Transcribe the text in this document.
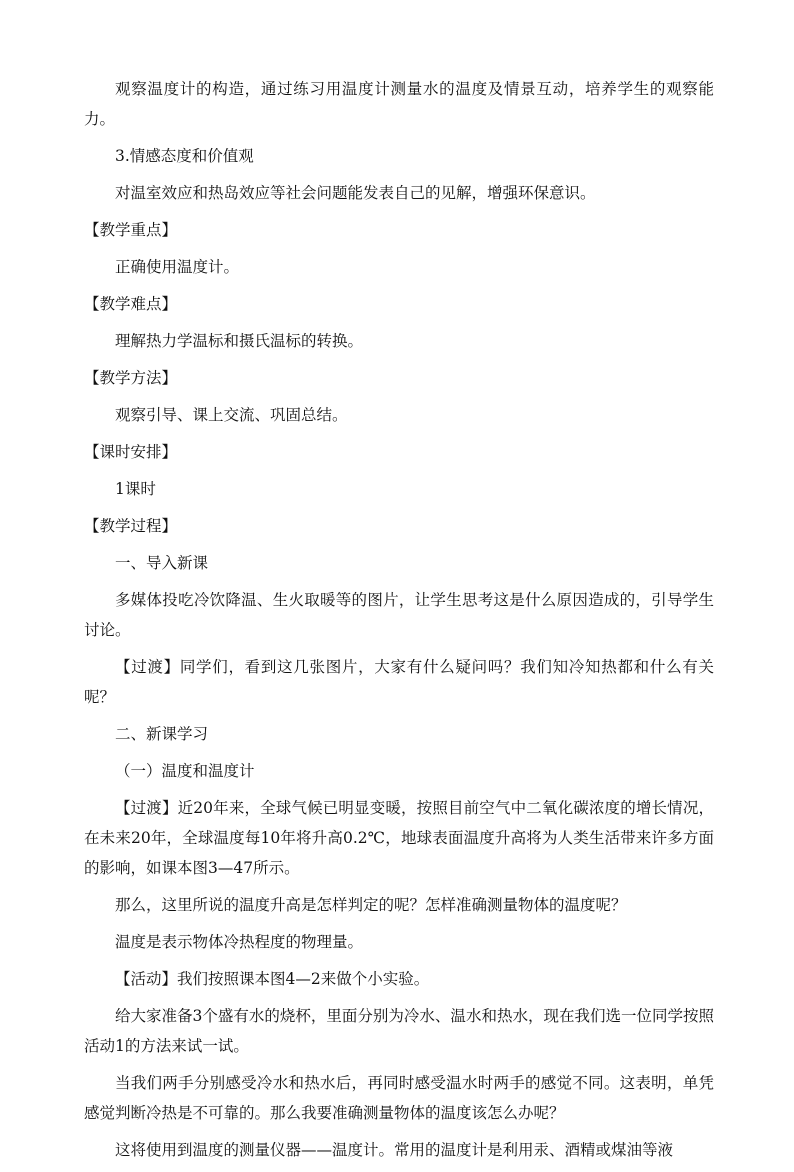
观察温度计的构造，通过练习用温度计测量水的温度及情景互动，培养学生的观察能力。

3.情感态度和价值观

对温室效应和热岛效应等社会问题能发表自己的见解，增强环保意识。

【教学重点】

正确使用温度计。

【教学难点】

理解热力学温标和摄氏温标的转换。

【教学方法】

观察引导、课上交流、巩固总结。

【课时安排】

1课时

【教学过程】

一、导入新课

多媒体投吃冷饮降温、生火取暖等的图片，让学生思考这是什么原因造成的，引导学生讨论。

【过渡】同学们，看到这几张图片，大家有什么疑问吗？我们知冷知热都和什么有关呢？

二、新课学习

（一）温度和温度计

【过渡】近20年来，全球气候已明显变暖，按照目前空气中二氧化碳浓度的增长情况，在未来20年，全球温度每10年将升高0.2℃，地球表面温度升高将为人类生活带来许多方面的影响，如课本图3—47所示。

那么，这里所说的温度升高是怎样判定的呢？怎样准确测量物体的温度呢？

温度是表示物体冷热程度的物理量。

【活动】我们按照课本图4—2来做个小实验。

给大家准备3个盛有水的烧杯，里面分别为冷水、温水和热水，现在我们选一位同学按照活动1的方法来试一试。

当我们两手分别感受冷水和热水后，再同时感受温水时两手的感觉不同。这表明，单凭感觉判断冷热是不可靠的。那么我要准确测量物体的温度该怎么办呢？

这将使用到温度的测量仪器——温度计。常用的温度计是利用汞、酒精或煤油等液
